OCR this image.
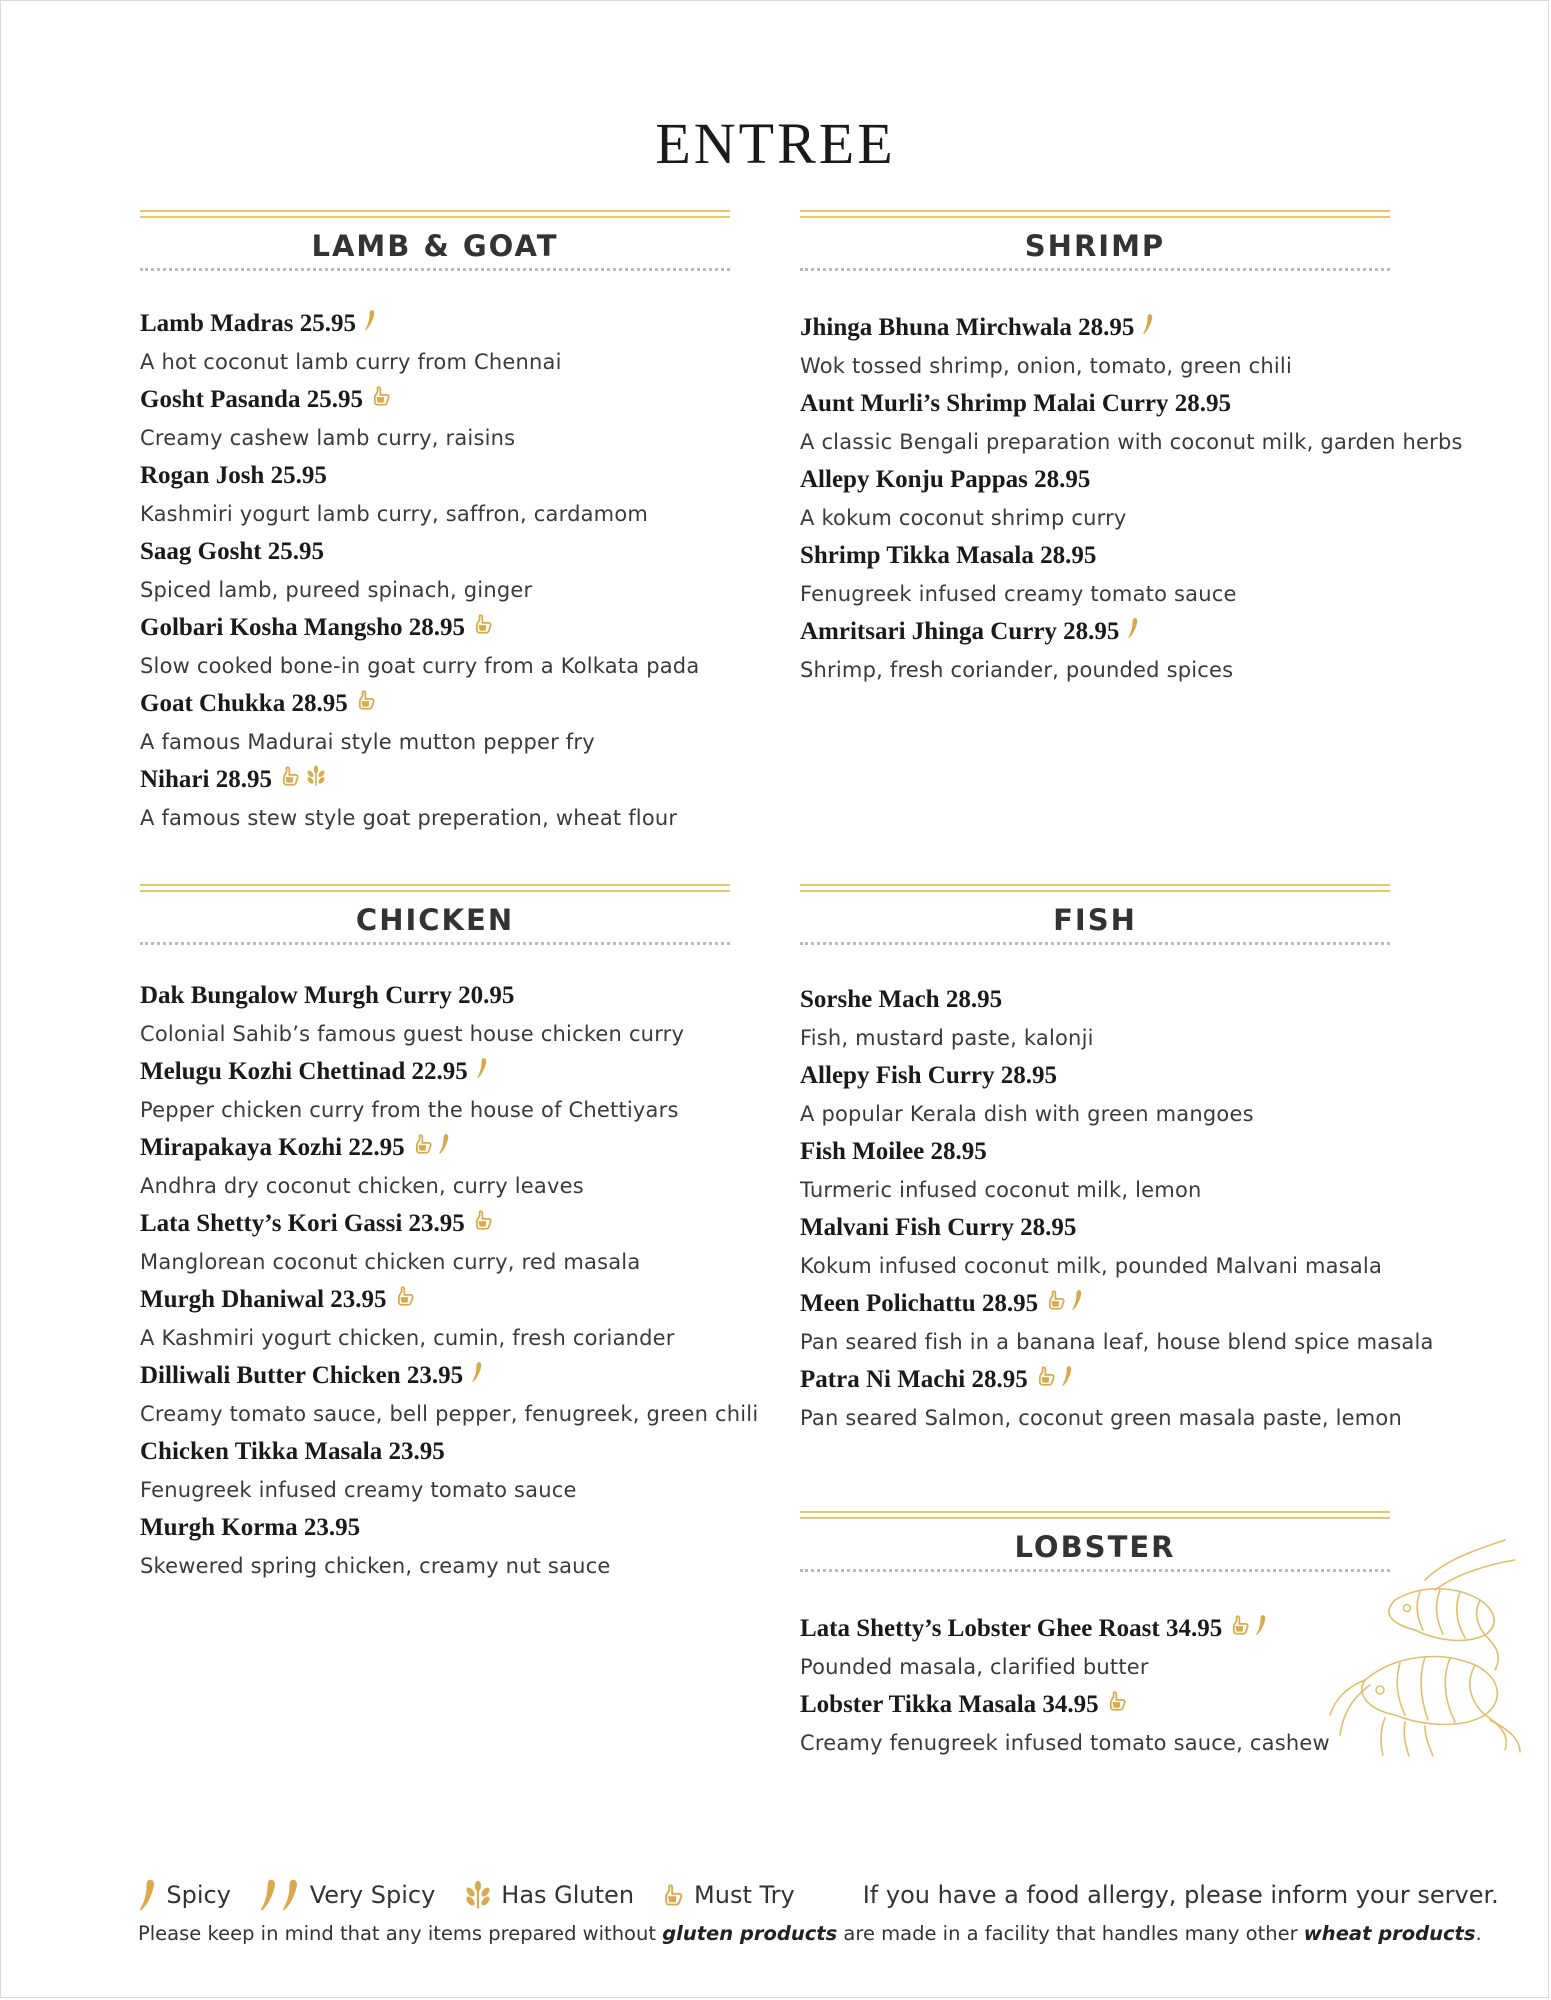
ENTREE
LAMB & GOAT
Lamb Madras 25.95
A hot coconut lamb curry from Chennai
Gosht Pasanda 25.95
Creamy cashew lamb curry, raisins
Rogan Josh 25.95
Kashmiri yogurt lamb curry, saffron, cardamom
Saag Gosht 25.95
Spiced lamb, pureed spinach, ginger
Golbari Kosha Mangsho 28.95
Slow cooked bone-in goat curry from a Kolkata pada
Goat Chukka 28.95
A famous Madurai style mutton pepper fry
Nihari 28.95
A famous stew style goat preperation, wheat flour
SHRIMP
Jhinga Bhuna Mirchwala 28.95
Wok tossed shrimp, onion, tomato, green chili
Aunt Murli’s Shrimp Malai Curry 28.95
A classic Bengali preparation with coconut milk, garden herbs
Allepy Konju Pappas 28.95
A kokum coconut shrimp curry
Shrimp Tikka Masala 28.95
Fenugreek infused creamy tomato sauce
Amritsari Jhinga Curry 28.95
Shrimp, fresh coriander, pounded spices
CHICKEN
Dak Bungalow Murgh Curry 20.95
Colonial Sahib’s famous guest house chicken curry
Melugu Kozhi Chettinad 22.95
Pepper chicken curry from the house of Chettiyars
Mirapakaya Kozhi 22.95
Andhra dry coconut chicken, curry leaves
Lata Shetty’s Kori Gassi 23.95
Manglorean coconut chicken curry, red masala
Murgh Dhaniwal 23.95
A Kashmiri yogurt chicken, cumin, fresh coriander
Dilliwali Butter Chicken 23.95
Creamy tomato sauce, bell pepper, fenugreek, green chili
Chicken Tikka Masala 23.95
Fenugreek infused creamy tomato sauce
Murgh Korma 23.95
Skewered spring chicken, creamy nut sauce
FISH
Sorshe Mach 28.95
Fish, mustard paste, kalonji
Allepy Fish Curry 28.95
A popular Kerala dish with green mangoes
Fish Moilee 28.95
Turmeric infused coconut milk, lemon
Malvani Fish Curry 28.95
Kokum infused coconut milk, pounded Malvani masala
Meen Polichattu 28.95
Pan seared fish in a banana leaf, house blend spice masala
Patra Ni Machi 28.95
Pan seared Salmon, coconut green masala paste, lemon
LOBSTER
Lata Shetty’s Lobster Ghee Roast 34.95
Pounded masala, clarified butter
Lobster Tikka Masala 34.95
Creamy fenugreek infused tomato sauce, cashew
Spicy	Very Spicy	Has Gluten	Must Try	If you have a food allergy, please inform your server.
Please keep in mind that any items prepared without gluten products are made in a facility that handles many other wheat products.
